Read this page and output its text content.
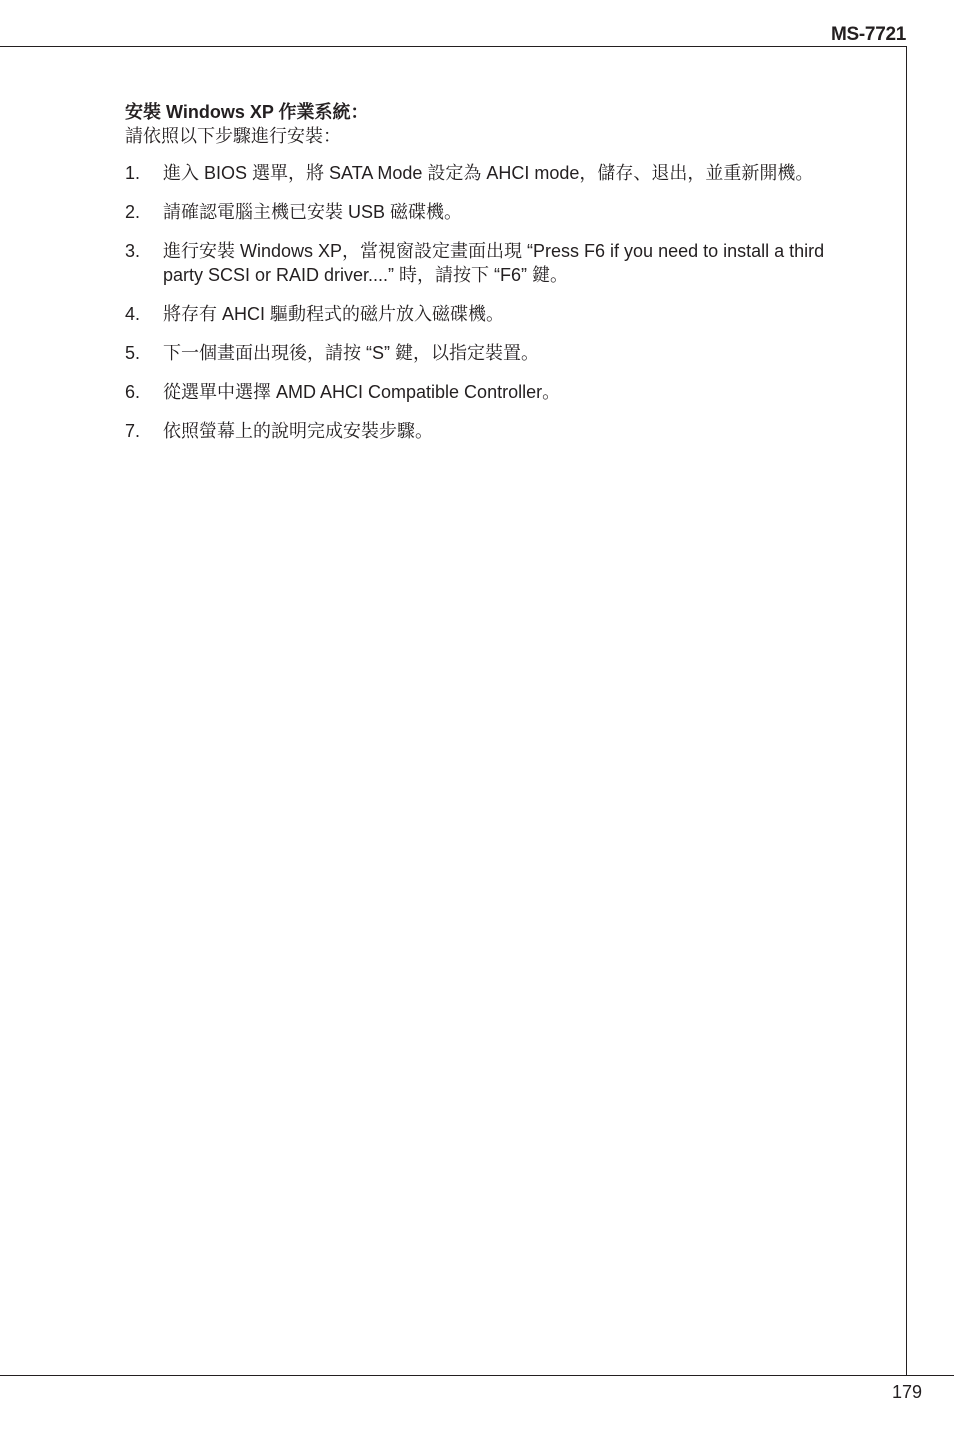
MS-7721

安裝 Windows XP 作業系統：

請依照以下步驟進行安裝：

1. 進入 BIOS 選單，將 SATA Mode 設定為 AHCI mode，儲存、退出，並重新開機。
2. 請確認電腦主機已安裝 USB 磁碟機。
3. 進行安裝 Windows XP，當視窗設定畫面出現 “Press F6 if you need to install a third party SCSI or RAID driver....” 時，請按下 “F6” 鍵。
4. 將存有 AHCI 驅動程式的磁片放入磁碟機。
5. 下一個畫面出現後，請按 “S” 鍵，以指定裝置。
6. 從選單中選擇 AMD AHCI Compatible Controller。
7. 依照螢幕上的說明完成安裝步驟。
179
